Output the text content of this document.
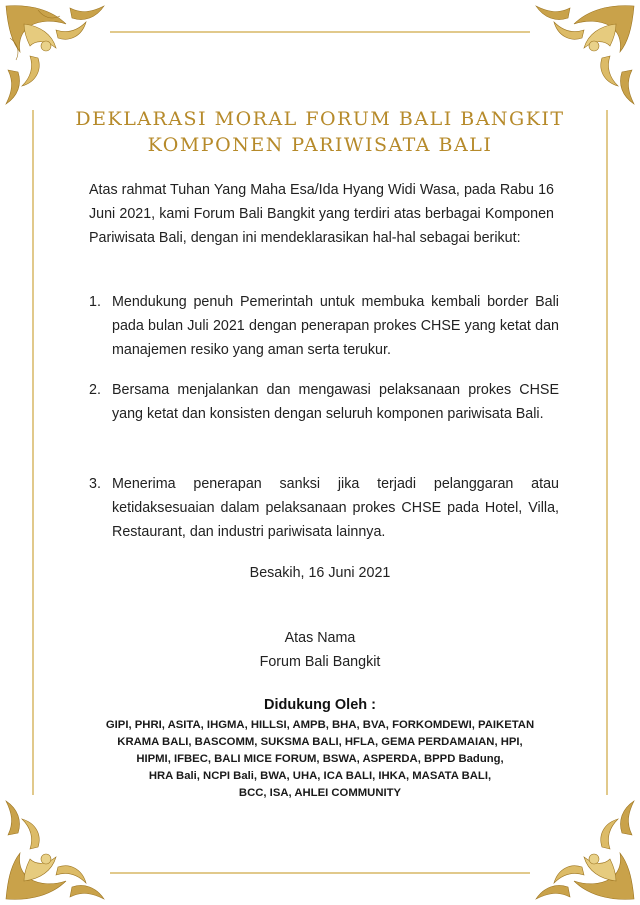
DEKLARASI MORAL FORUM BALI BANGKIT
KOMPONEN PARIWISATA BALI

Atas rahmat Tuhan Yang Maha Esa/Ida Hyang Widi Wasa, pada Rabu 16 Juni 2021, kami Forum Bali Bangkit yang terdiri atas berbagai Komponen Pariwisata Bali, dengan ini mendeklarasikan hal-hal sebagai berikut:

1. Mendukung penuh Pemerintah untuk membuka kembali border Bali pada bulan Juli 2021 dengan penerapan prokes CHSE yang ketat dan manajemen resiko yang aman serta terukur.
2. Bersama menjalankan dan mengawasi pelaksanaan prokes CHSE yang ketat dan konsisten dengan seluruh komponen pariwisata Bali.
3. Menerima penerapan sanksi jika terjadi pelanggaran atau ketidaksesuaian dalam pelaksanaan prokes CHSE pada Hotel, Villa, Restaurant, dan industri pariwisata lainnya.
Besakih, 16 Juni 2021
Atas Nama
Forum Bali Bangkit
Didukung Oleh :
GIPI, PHRI, ASITA, IHGMA, HILLSI, AMPB, BHA, BVA, FORKOMDEWI, PAIKETAN
KRAMA BALI, BASCOMM, SUKSMA BALI, HFLA, GEMA PERDAMAIAN, HPI,
HIPMI, IFBEC, BALI MICE FORUM, BSWA, ASPERDA, BPPD Badung,
HRA Bali, NCPI Bali, BWA, UHA, ICA BALI, IHKA, MASATA BALI,
BCC, ISA, AHLEI COMMUNITY
